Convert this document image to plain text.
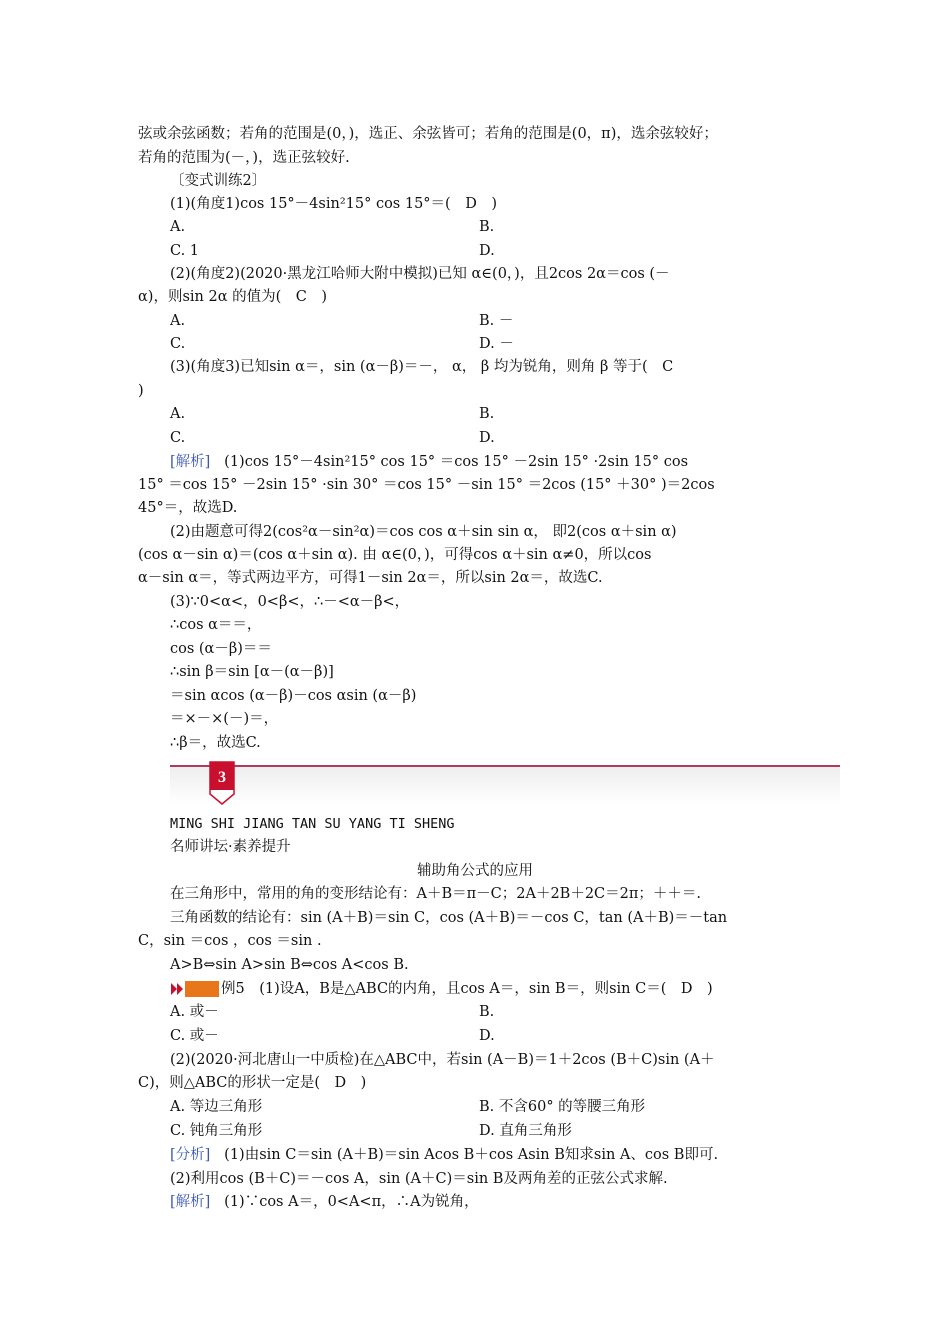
弦或余弦函数；若角的范围是(0，)，选正、余弦皆可；若角的范围是(0，π)，选余弦较好；
若角的范围为(－，)，选正弦较好.
〔变式训练2〕
(1)(角度1)cos 15°－4sin²15° cos 15°＝(　D　)
A.	B.
C. 1	D.
(2)(角度2)(2020·黑龙江哈师大附中模拟)已知 α∈(0，)，且2cos 2α＝cos (－
α)，则sin 2α 的值为(　C　)
A.	B. －
C.	D. －
(3)(角度3)已知sin α＝，sin (α－β)＝－， α， β 均为锐角，则角 β 等于(　C
)
A.	B.
C.	D.
[解析] (1)cos 15°－4sin²15° cos 15° ＝cos 15° －2sin 15° ·2sin 15° cos
15° ＝cos 15° －2sin 15° ·sin 30° ＝cos 15° －sin 15° ＝2cos (15° ＋30° )＝2cos
45°＝，故选D.
(2)由题意可得2(cos²α－sin²α)＝cos cos α＋sin sin α， 即2(cos α＋sin α)
(cos α－sin α)＝(cos α＋sin α). 由 α∈(0，)，可得cos α＋sin α≠0，所以cos
α－sin α＝，等式两边平方，可得1－sin 2α＝，所以sin 2α＝，故选C.
(3)∵0<α<，0<β<，∴－<α－β<，
∴cos α＝＝，
cos (α－β)＝＝
∴sin β＝sin [α－(α－β)]
＝sin αcos (α－β)－cos αsin (α－β)
＝×－×(－)＝，
∴β＝，故选C.
3
MING SHI JIANG TAN SU YANG TI SHENG
名师讲坛·素养提升
辅助角公式的应用
在三角形中，常用的角的变形结论有：A＋B＝π－C；2A＋2B＋2C＝2π；＋＋＝.
三角函数的结论有：sin (A＋B)＝sin C，cos (A＋B)＝－cos C，tan (A＋B)＝－tan
C，sin ＝cos ，cos ＝sin .
A>B⇔sin A>sin B⇔cos A<cos B.
例5　(1)设A，B是△ABC的内角，且cos A＝，sin B＝，则sin C＝(　D　)
A. 或－	B.
C. 或－	D.
(2)(2020·河北唐山一中质检)在△ABC中，若sin (A－B)＝1＋2cos (B＋C)sin (A＋
C)，则△ABC的形状一定是(　D　)
A. 等边三角形	B. 不含60° 的等腰三角形
C. 钝角三角形	D. 直角三角形
[分析] (1)由sin C＝sin (A＋B)＝sin Acos B＋cos Asin B知求sin A、cos B即可.
(2)利用cos (B＋C)＝－cos A，sin (A＋C)＝sin B及两角差的正弦公式求解.
[解析] (1)∵cos A＝，0<A<π，∴A为锐角，
